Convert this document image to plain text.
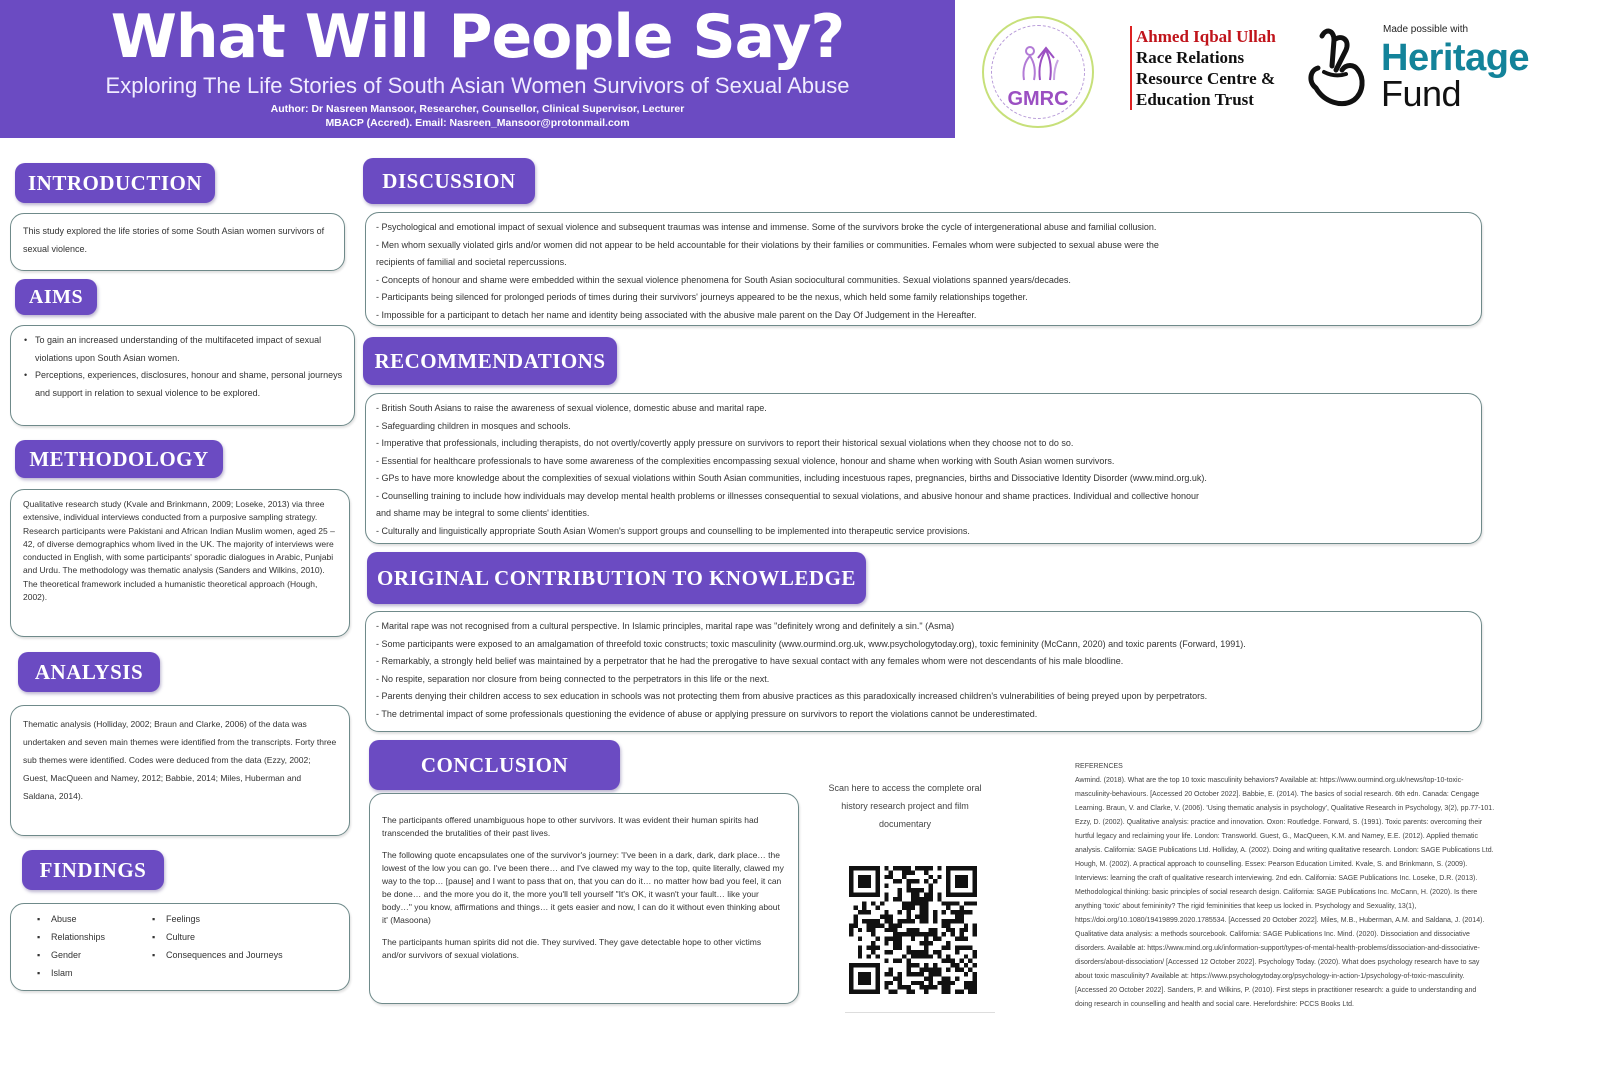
What Will People Say?
Exploring The Life Stories of South Asian Women Survivors of Sexual Abuse
Author: Dr Nasreen Mansoor, Researcher, Counsellor, Clinical Supervisor, Lecturer
MBACP (Accred). Email: Nasreen_Mansoor@protonmail.com
GMRC
Ahmed Iqbal Ullah
Race Relations
Resource Centre &
Education Trust
Made possible with
Heritage
Fund
INTRODUCTION

This study explored the life stories of some South Asian women survivors of sexual violence.

AIMS
• To gain an increased understanding of the multifaceted impact of sexual violations upon South Asian women.
• Perceptions, experiences, disclosures, honour and shame, personal journeys and support in relation to sexual violence to be explored.
METHODOLOGY

Qualitative research study (Kvale and Brinkmann, 2009; Loseke, 2013) via three extensive, individual interviews conducted from a purposive sampling strategy. Research participants were Pakistani and African Indian Muslim women, aged 25 – 42, of diverse demographics whom lived in the UK. The majority of interviews were conducted in English, with some participants' sporadic dialogues in Arabic, Punjabi and Urdu. The methodology was thematic analysis (Sanders and Wilkins, 2010). The theoretical framework included a humanistic theoretical approach (Hough, 2002).

ANALYSIS

Thematic analysis (Holliday, 2002; Braun and Clarke, 2006) of the data was undertaken and seven main themes were identified from the transcripts. Forty three sub themes were identified. Codes were deduced from the data (Ezzy, 2002; Guest, MacQueen and Namey, 2012; Babbie, 2014; Miles, Huberman and Saldana, 2014).

FINDINGS
▪ Abuse
▪ Relationships
▪ Gender
▪ Islam
▪ Feelings
▪ Culture
▪ Consequences and Journeys
DISCUSSION
- Psychological and emotional impact of sexual violence and subsequent traumas was intense and immense. Some of the survivors broke the cycle of intergenerational abuse and familial collusion.
- Men whom sexually violated girls and/or women did not appear to be held accountable for their violations by their families or communities. Females whom were subjected to sexual abuse were the
recipients of familial and societal repercussions.
- Concepts of honour and shame were embedded within the sexual violence phenomena for South Asian sociocultural communities. Sexual violations spanned years/decades.
- Participants being silenced for prolonged periods of times during their survivors' journeys appeared to be the nexus, which held some family relationships together.
- Impossible for a participant to detach her name and identity being associated with the abusive male parent on the Day Of Judgement in the Hereafter.
RECOMMENDATIONS
- British South Asians to raise the awareness of sexual violence, domestic abuse and marital rape.
- Safeguarding children in mosques and schools.
- Imperative that professionals, including therapists, do not overtly/covertly apply pressure on survivors to report their historical sexual violations when they choose not to do so.
- Essential for healthcare professionals to have some awareness of the complexities encompassing sexual violence, honour and shame when working with South Asian women survivors.
- GPs to have more knowledge about the complexities of sexual violations within South Asian communities, including incestuous rapes, pregnancies, births and Dissociative Identity Disorder (www.mind.org.uk).
- Counselling training to include how individuals may develop mental health problems or illnesses consequential to sexual violations, and abusive honour and shame practices. Individual and collective honour
and shame may be integral to some clients' identities.
- Culturally and linguistically appropriate South Asian Women's support groups and counselling to be implemented into therapeutic service provisions.
ORIGINAL CONTRIBUTION TO KNOWLEDGE
- Marital rape was not recognised from a cultural perspective. In Islamic principles, marital rape was "definitely wrong and definitely a sin." (Asma)
- Some participants were exposed to an amalgamation of threefold toxic constructs; toxic masculinity (www.ourmind.org.uk, www.psychologytoday.org), toxic femininity (McCann, 2020) and toxic parents (Forward, 1991).
- Remarkably, a strongly held belief was maintained by a perpetrator that he had the prerogative to have sexual contact with any females whom were not descendants of his male bloodline.
- No respite, separation nor closure from being connected to the perpetrators in this life or the next.
- Parents denying their children access to sex education in schools was not protecting them from abusive practices as this paradoxically increased children's vulnerabilities of being preyed upon by perpetrators.
- The detrimental impact of some professionals questioning the evidence of abuse or applying pressure on survivors to report the violations cannot be underestimated.
CONCLUSION

The participants offered unambiguous hope to other survivors. It was evident their human spirits had transcended the brutalities of their past lives.

The following quote encapsulates one of the survivor's journey: 'I've been in a dark, dark, dark place… the lowest of the low you can go. I've been there… and I've clawed my way to the top, quite literally, clawed my way to the top… [pause] and I want to pass that on, that you can do it… no matter how bad you feel, it can be done… and the more you do it, the more you'll tell yourself "It's OK, it wasn't your fault… like your body…" you know, affirmations and things… it gets easier and now, I can do it without even thinking about it' (Masoona)

The participants human spirits did not die. They survived. They gave detectable hope to other victims and/or survivors of sexual violations.

Scan here to access the complete oral history research project and film documentary
REFERENCES
Awmind. (2018). What are the top 10 toxic masculinity behaviors? Available at: https://www.ourmind.org.uk/news/top-10-toxic-masculinity-behaviours. [Accessed 20 October 2022]. Babbie, E. (2014). The basics of social research. 6th edn. Canada: Cengage Learning. Braun, V. and Clarke, V. (2006). 'Using thematic analysis in psychology', Qualitative Research in Psychology, 3(2), pp.77-101. Ezzy, D. (2002). Qualitative analysis: practice and innovation. Oxon: Routledge. Forward, S. (1991). Toxic parents: overcoming their hurtful legacy and reclaiming your life. London: Transworld. Guest, G., MacQueen, K.M. and Namey, E.E. (2012). Applied thematic analysis. California: SAGE Publications Ltd. Holliday, A. (2002). Doing and writing qualitative research. London: SAGE Publications Ltd. Hough, M. (2002). A practical approach to counselling. Essex: Pearson Education Limited. Kvale, S. and Brinkmann, S. (2009). Interviews: learning the craft of qualitative research interviewing. 2nd edn. California: SAGE Publications Inc. Loseke, D.R. (2013). Methodological thinking: basic principles of social research design. California: SAGE Publications Inc. McCann, H. (2020). Is there anything 'toxic' about femininity? The rigid femininities that keep us locked in. Psychology and Sexuality, 13(1), https://doi.org/10.1080/19419899.2020.1785534. [Accessed 20 October 2022]. Miles, M.B., Huberman, A.M. and Saldana, J. (2014). Qualitative data analysis: a methods sourcebook. California: SAGE Publications Inc. Mind. (2020). Dissociation and dissociative disorders. Available at: https://www.mind.org.uk/information-support/types-of-mental-health-problems/dissociation-and-dissociative-disorders/about-dissociation/ [Accessed 12 October 2022]. Psychology Today. (2020). What does psychology research have to say about toxic masculinity? Available at: https://www.psychologytoday.org/psychology-in-action-1/psychology-of-toxic-masculinity. [Accessed 20 October 2022]. Sanders, P. and Wilkins, P. (2010). First steps in practitioner research: a guide to understanding and doing research in counselling and health and social care. Herefordshire: PCCS Books Ltd.
